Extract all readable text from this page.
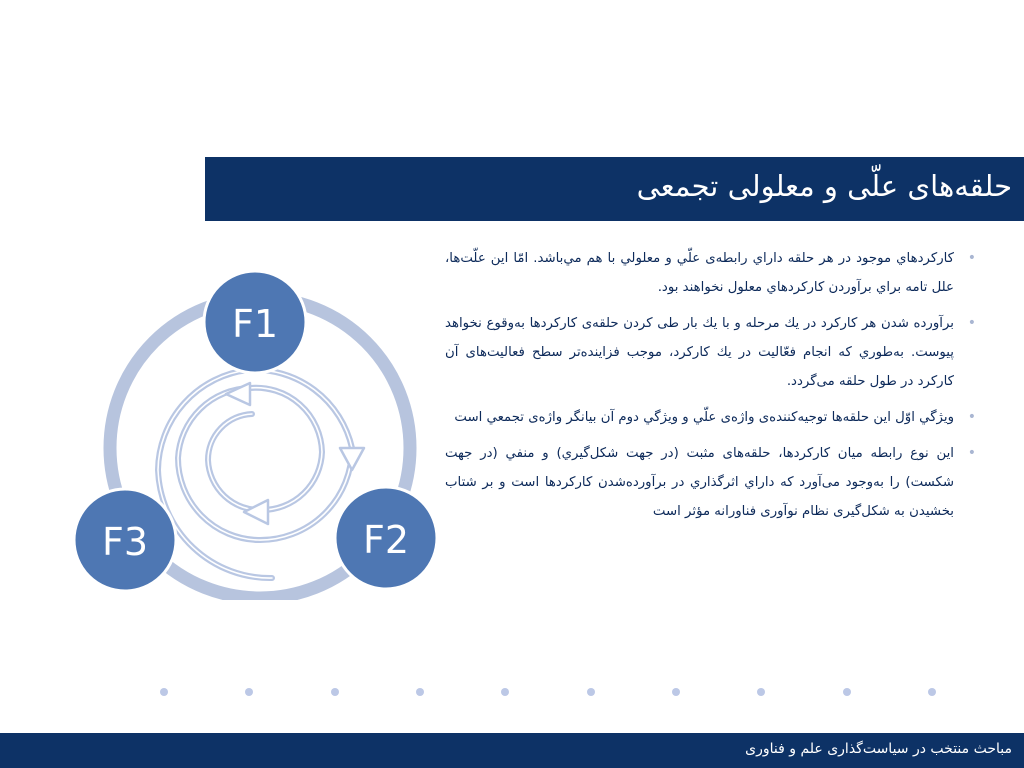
حلقه‌های علّی و معلولی تجمعی
F1
F2
F3
•
كاركردهاي موجود در هر حلقه داراي رابطه‌ی علّي و معلولي با هم مي‌باشد. امّا اين علّت‌ها، علل تامه براي برآوردن كاركردهاي معلول نخواهند بود.
•
برآورده شدن هر كاركرد در يك مرحله و با يك بار طی كردن حلقه‌ی كاركردها به‌وقوع نخواهد پيوست. به‌طوري كه انجام فعّاليت در يك كاركرد، موجب فزاينده‌تر سطح فعالیت‌های آن كاركرد در طول حلقه می‌گردد.
•
ويژگي اوّل اين حلقه‌ها توجيه‌كننده‌ی واژه‌ی علّي و ويژگي دوم آن بيانگر واژه‌ی تجمعي است
•
اين نوع رابطه ميان كاركردها، حلقه‌های مثبت (در جهت شكل‌گيري) و منفي (در جهت شكست) را به‌وجود می‌آورد كه داراي اثرگذاري در برآورده‌شدن كاركردها است و بر شتاب بخشيدن به شكل‌گيری نظام نوآوری فناورانه مؤثر است
مباحث منتخب در سیاست‌گذاری علم و فناوری
